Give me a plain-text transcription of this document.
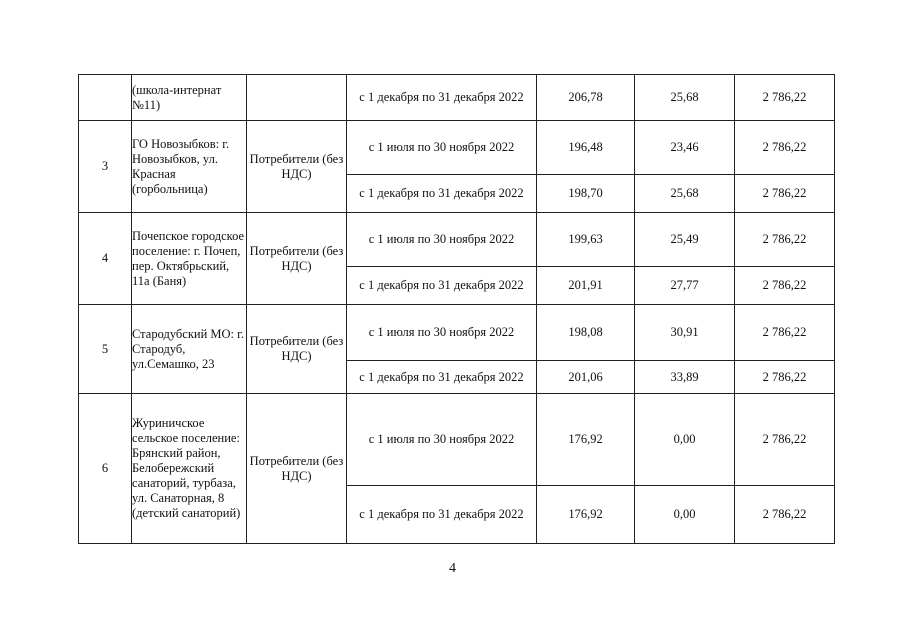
	(школа-интернат №11)		с 1 декабря по 31 декабря 2022	206,78	25,68	2 786,22
3	ГО Новозыбков: г. Новозыбков, ул. Красная (горбольница)	Потребители (без НДС)	с 1 июля по 30 ноября 2022	196,48	23,46	2 786,22
			с 1 декабря по 31 декабря 2022	198,70	25,68	2 786,22
4	Почепское городское поселение: г. Почеп, пер. Октябрьский, 11а (Баня)	Потребители (без НДС)	с 1 июля по 30 ноября 2022	199,63	25,49	2 786,22
			с 1 декабря по 31 декабря 2022	201,91	27,77	2 786,22
5	Стародубский МО: г. Стародуб, ул.Семашко, 23	Потребители (без НДС)	с 1 июля по 30 ноября 2022	198,08	30,91	2 786,22
			с 1 декабря по 31 декабря 2022	201,06	33,89	2 786,22
6	Журиничское сельское поселение: Брянский район, Белобережский санаторий, турбаза, ул. Санаторная, 8 (детский санаторий)	Потребители (без НДС)	с 1 июля по 30 ноября 2022	176,92	0,00	2 786,22
			с 1 декабря по 31 декабря 2022	176,92	0,00	2 786,22
4
